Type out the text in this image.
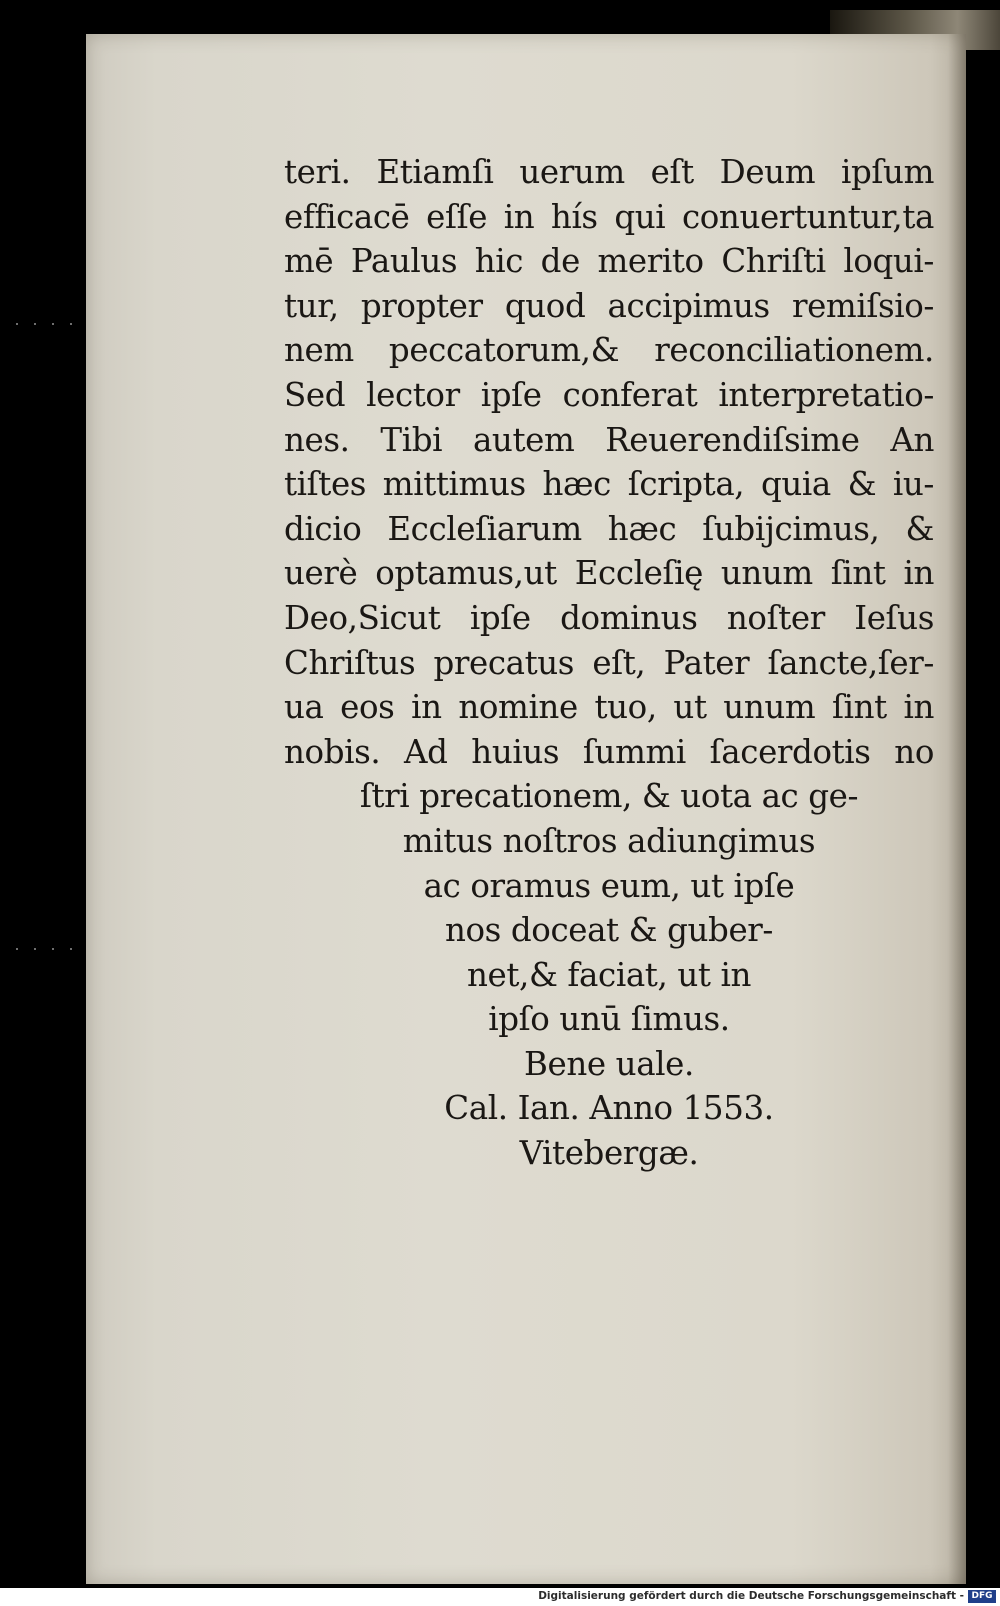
teri. Etiamſi uerum eſt Deum ipſum
efficacē eſſe in hís qui conuertuntur,ta
mē Paulus hic de merito Chriſti loqui-
tur, propter quod accipimus remiſsio-
nem peccatorum,& reconciliationem.
Sed lector ipſe conferat interpretatio-
nes. Tibi autem Reuerendiſsime An
tiſtes mittimus hæc ſcripta, quia & iu-
dicio Eccleſiarum hæc ſubijcimus, &
uerè optamus,ut Eccleſię unum ſint in
Deo,Sicut ipſe dominus noſter Ieſus
Chriſtus precatus eſt, Pater ſancte,ſer-
ua eos in nomine tuo, ut unum ſint in
nobis. Ad huius ſummi ſacerdotis no
ſtri precationem, & uota ac ge-
mitus noſtros adiungimus
ac oramus eum, ut ipſe
nos doceat & guber-
net,& faciat, ut in
ipſo unū ſimus.
Bene uale.
Cal. Ian. Anno 1553.
Vitebergæ.
Digitalisierung gefördert durch die Deutsche Forschungsgemeinschaft - DFG
